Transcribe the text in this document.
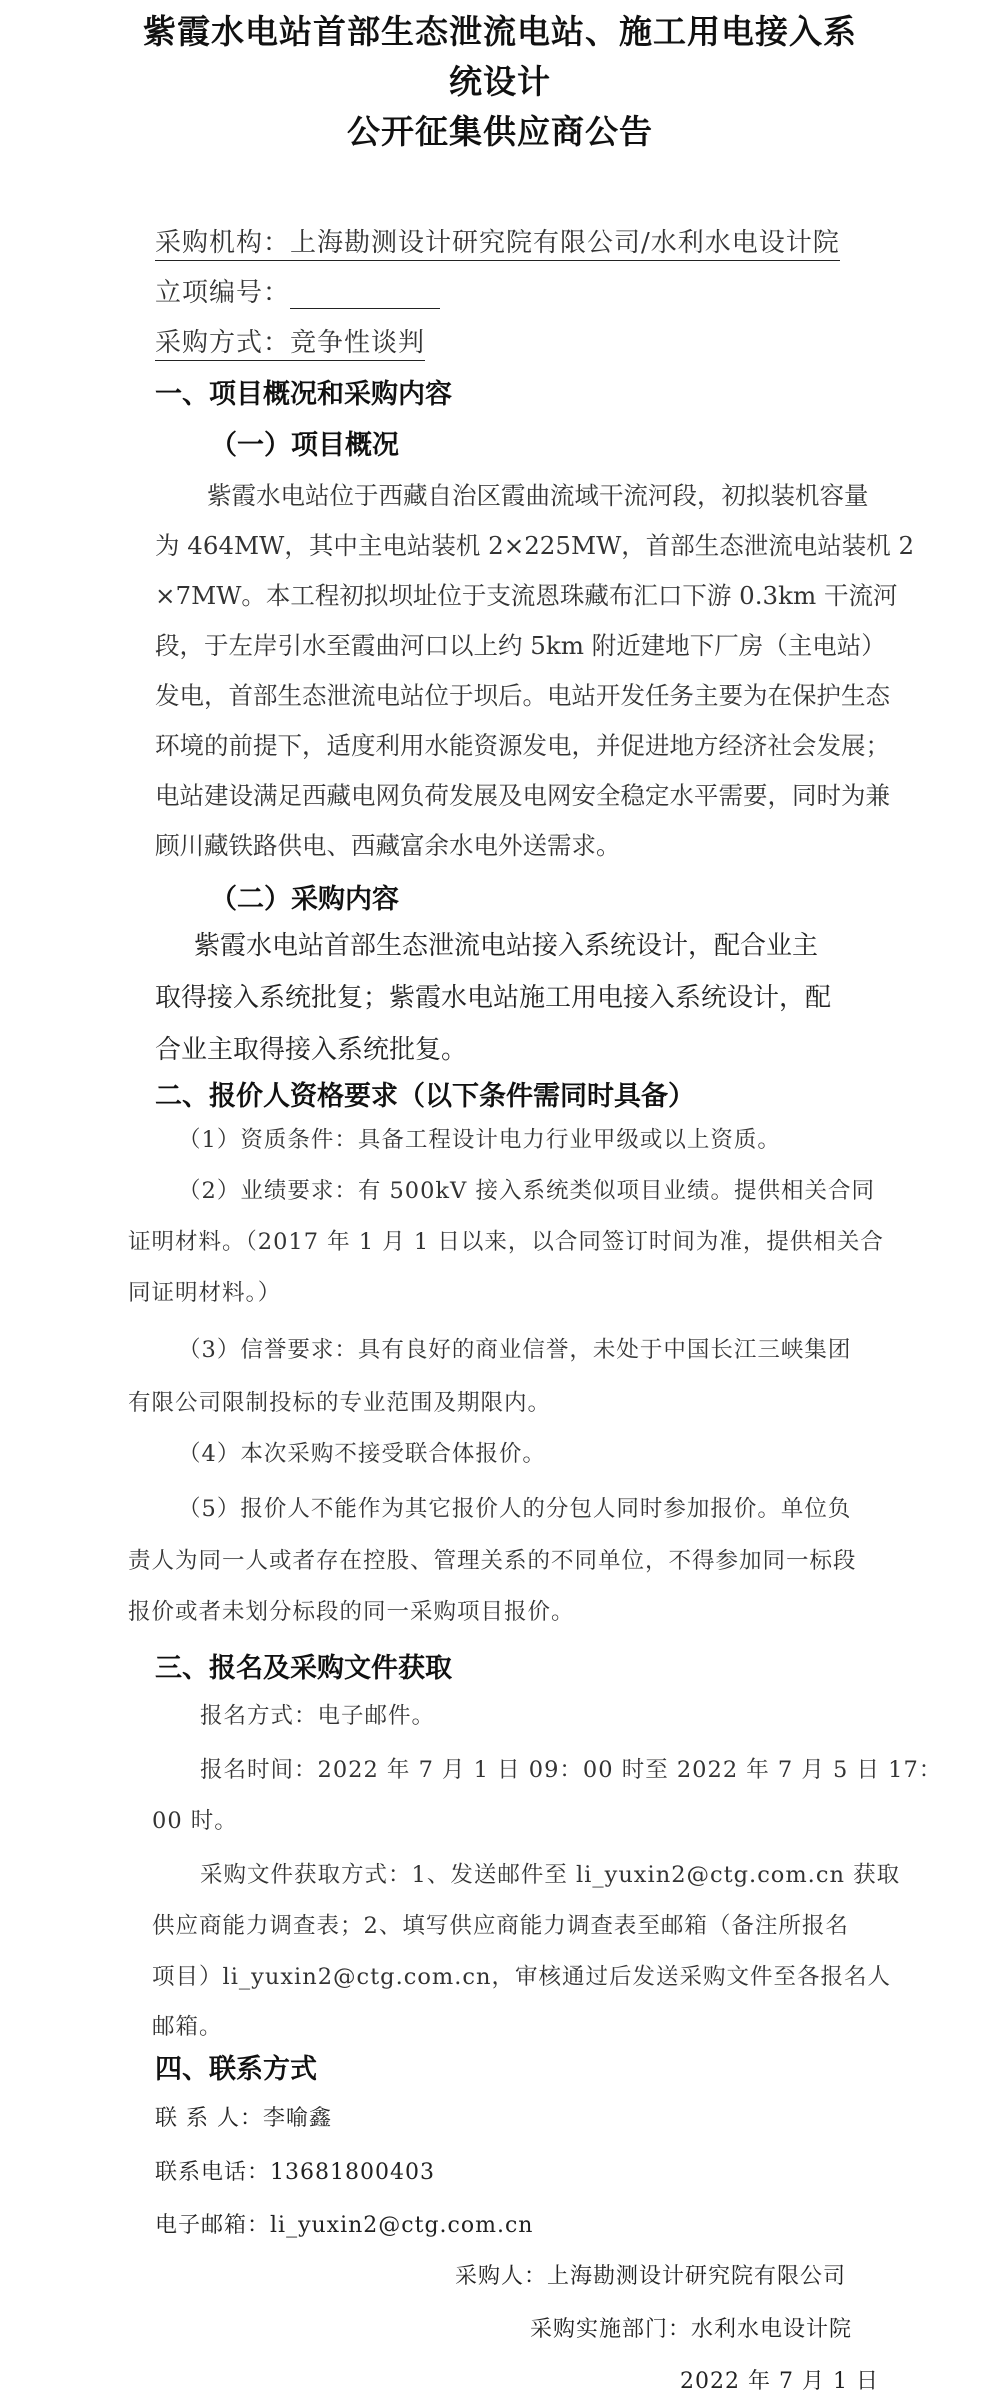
紫霞水电站首部生态泄流电站、施工用电接入系
统设计
公开征集供应商公告
采购机构：上海勘测设计研究院有限公司/水利水电设计院
立项编号：
采购方式：竞争性谈判
一、项目概况和采购内容
（一）项目概况
紫霞水电站位于西藏自治区霞曲流域干流河段，初拟装机容量
为 464MW，其中主电站装机 2×225MW，首部生态泄流电站装机 2
×7MW。本工程初拟坝址位于支流恩珠藏布汇口下游 0.3km 干流河
段，于左岸引水至霞曲河口以上约 5km 附近建地下厂房（主电站）
发电，首部生态泄流电站位于坝后。电站开发任务主要为在保护生态
环境的前提下，适度利用水能资源发电，并促进地方经济社会发展；
电站建设满足西藏电网负荷发展及电网安全稳定水平需要，同时为兼
顾川藏铁路供电、西藏富余水电外送需求。
（二）采购内容
紫霞水电站首部生态泄流电站接入系统设计，配合业主
取得接入系统批复；紫霞水电站施工用电接入系统设计，配
合业主取得接入系统批复。
二、报价人资格要求（以下条件需同时具备）
（1）资质条件：具备工程设计电力行业甲级或以上资质。
（2）业绩要求：有 500kV 接入系统类似项目业绩。提供相关合同
证明材料。（2017 年 1 月 1 日以来，以合同签订时间为准，提供相关合
同证明材料。）
（3）信誉要求：具有良好的商业信誉，未处于中国长江三峡集团
有限公司限制投标的专业范围及期限内。
（4）本次采购不接受联合体报价。
（5）报价人不能作为其它报价人的分包人同时参加报价。单位负
责人为同一人或者存在控股、管理关系的不同单位，不得参加同一标段
报价或者未划分标段的同一采购项目报价。
三、报名及采购文件获取
报名方式：电子邮件。
报名时间：2022 年 7 月 1 日 09：00 时至 2022 年 7 月 5 日 17：
00 时。
采购文件获取方式：1、发送邮件至 li_yuxin2@ctg.com.cn 获取
供应商能力调查表；2、填写供应商能力调查表至邮箱（备注所报名
项目）li_yuxin2@ctg.com.cn，审核通过后发送采购文件至各报名人
邮箱。
四、联系方式
联 系 人：李喻鑫
联系电话：13681800403
电子邮箱：li_yuxin2@ctg.com.cn
采购人：上海勘测设计研究院有限公司
采购实施部门：水利水电设计院
2022 年 7 月 1 日
